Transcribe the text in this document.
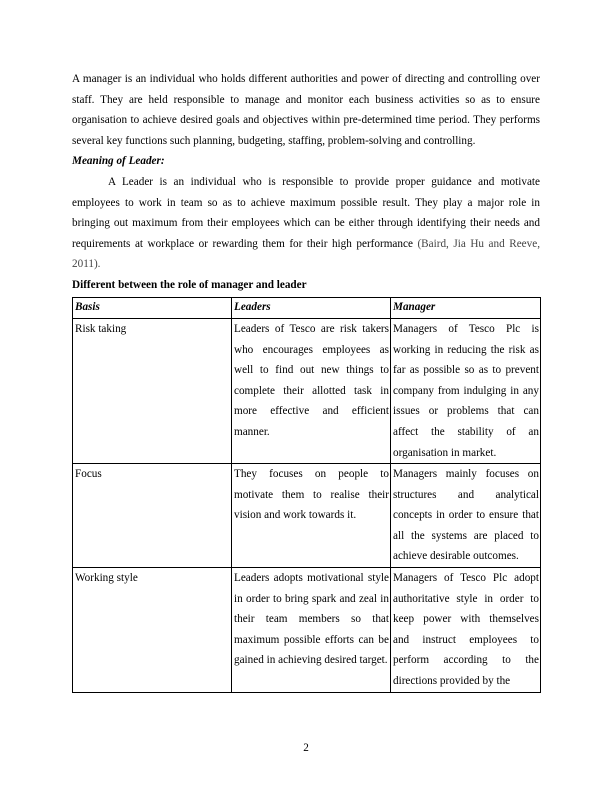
A manager is an individual who holds different authorities and power of directing and controlling over staff. They are held responsible to manage and monitor each business activities so as to ensure organisation to achieve desired goals and objectives within pre-determined time period. They performs several key functions such planning, budgeting, staffing, problem-solving and controlling.

Meaning of Leader:

A Leader is an individual who is responsible to provide proper guidance and motivate employees to work in team so as to achieve maximum possible result. They play a major role in bringing out maximum from their employees which can be either through identifying their needs and requirements at workplace or rewarding them for their high performance (Baird, Jia Hu and Reeve, 2011).

Different between the role of manager and leader

Basis	Leaders	Manager
Risk taking	Leaders of Tesco are risk takers who encourages employees as well to find out new things to complete their allotted task in more effective and efficient manner.	Managers of Tesco Plc is working in reducing the risk as far as possible so as to prevent company from indulging in any issues or problems that can affect the stability of an organisation in market.
Focus	They focuses on people to motivate them to realise their vision and work towards it.	Managers mainly focuses on structures and analytical concepts in order to ensure that all the systems are placed to achieve desirable outcomes.
Working style	Leaders adopts motivational style in order to bring spark and zeal in their team members so that maximum possible efforts can be gained in achieving desired target.	Managers of Tesco Plc adopt authoritative style in order to keep power with themselves and instruct employees to perform according to the directions provided by the
2
